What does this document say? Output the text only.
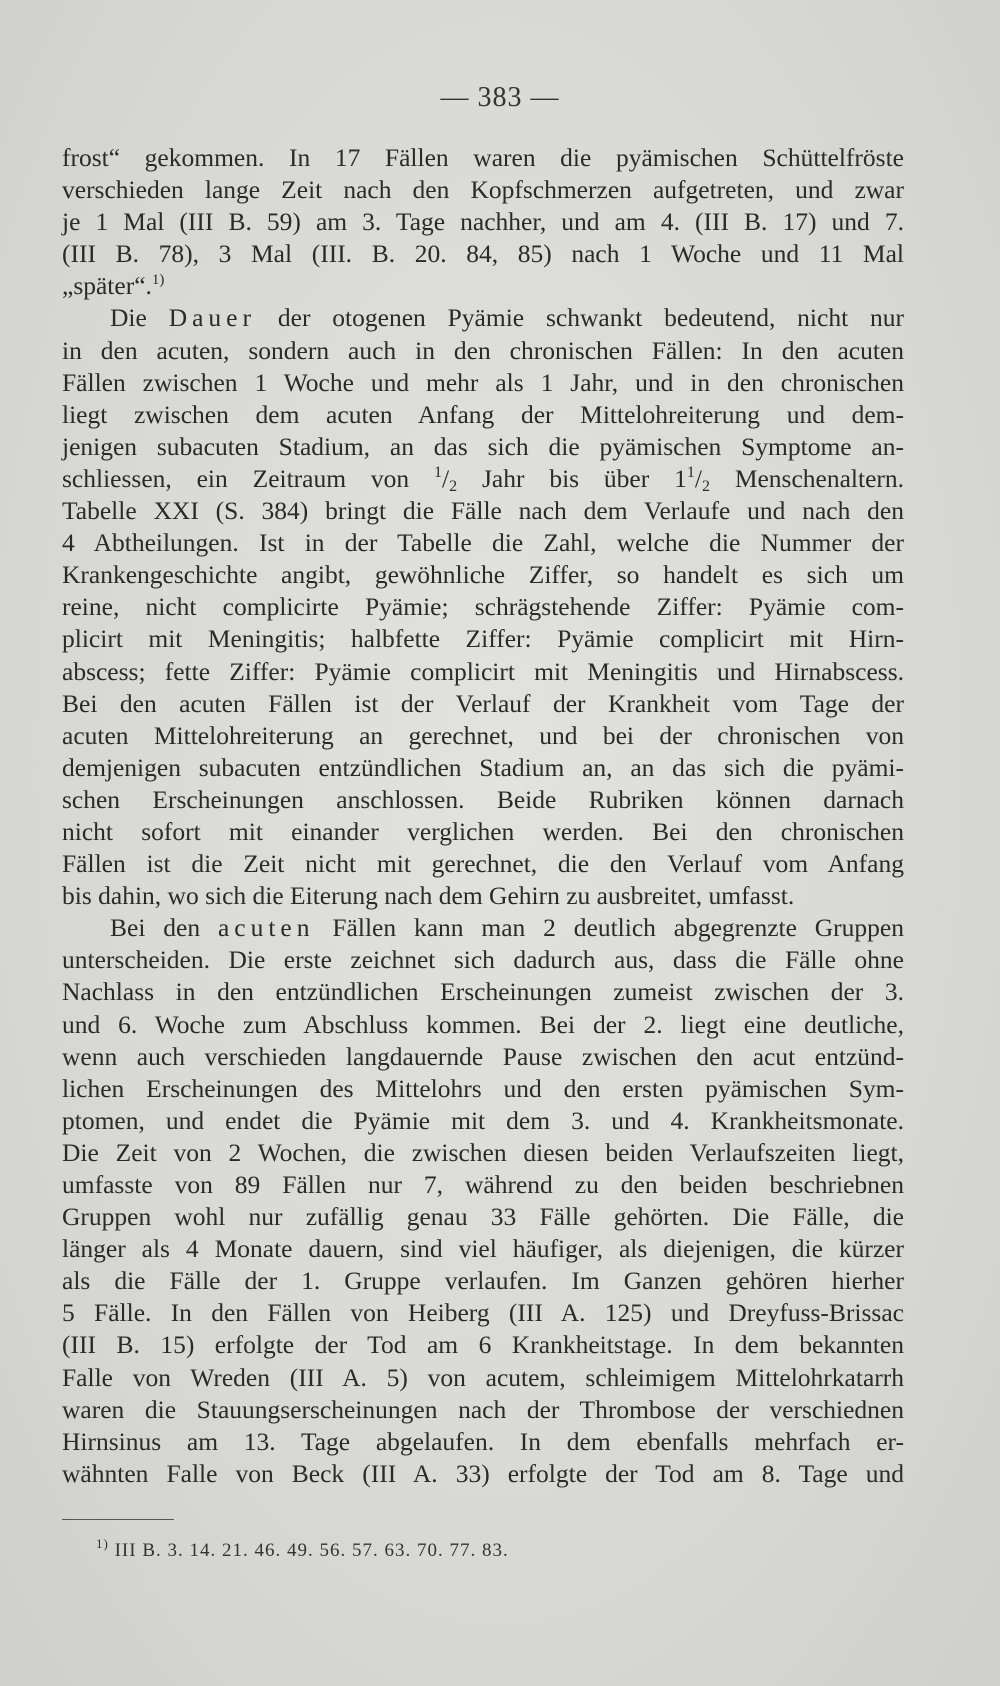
— 383 —

frost“ gekommen. In 17 Fällen waren die pyämischen Schüttelfröste

verschieden lange Zeit nach den Kopfschmerzen aufgetreten, und zwar

je 1 Mal (III B. 59) am 3. Tage nachher, und am 4. (III B. 17) und 7.

(III B. 78), 3 Mal (III. B. 20. 84, 85) nach 1 Woche und 11 Mal

„später“.$^{1)}$

Die Dauer der otogenen Pyämie schwankt bedeutend, nicht nur

in den acuten, sondern auch in den chronischen Fällen: In den acuten

Fällen zwischen 1 Woche und mehr als 1 Jahr, und in den chronischen

liegt zwischen dem acuten Anfang der Mittelohreiterung und dem-

jenigen subacuten Stadium, an das sich die pyämischen Symptome an-

schliessen, ein Zeitraum von $^1/_2$ Jahr bis über $1^1/_2$ Menschenaltern.

Tabelle XXI (S. 384) bringt die Fälle nach dem Verlaufe und nach den

4 Abtheilungen. Ist in der Tabelle die Zahl, welche die Nummer der

Krankengeschichte angibt, gewöhnliche Ziffer, so handelt es sich um

reine, nicht complicirte Pyämie; schrägstehende Ziffer: Pyämie com-

plicirt mit Meningitis; halbfette Ziffer: Pyämie complicirt mit Hirn-

abscess; fette Ziffer: Pyämie complicirt mit Meningitis und Hirnabscess.

Bei den acuten Fällen ist der Verlauf der Krankheit vom Tage der

acuten Mittelohreiterung an gerechnet, und bei der chronischen von

demjenigen subacuten entzündlichen Stadium an, an das sich die pyämi-

schen Erscheinungen anschlossen. Beide Rubriken können darnach

nicht sofort mit einander verglichen werden. Bei den chronischen

Fällen ist die Zeit nicht mit gerechnet, die den Verlauf vom Anfang

bis dahin, wo sich die Eiterung nach dem Gehirn zu ausbreitet, umfasst.

Bei den acuten Fällen kann man 2 deutlich abgegrenzte Gruppen

unterscheiden. Die erste zeichnet sich dadurch aus, dass die Fälle ohne

Nachlass in den entzündlichen Erscheinungen zumeist zwischen der 3.

und 6. Woche zum Abschluss kommen. Bei der 2. liegt eine deutliche,

wenn auch verschieden langdauernde Pause zwischen den acut entzünd-

lichen Erscheinungen des Mittelohrs und den ersten pyämischen Sym-

ptomen, und endet die Pyämie mit dem 3. und 4. Krankheitsmonate.

Die Zeit von 2 Wochen, die zwischen diesen beiden Verlaufszeiten liegt,

umfasste von 89 Fällen nur 7, während zu den beiden beschriebnen

Gruppen wohl nur zufällig genau 33 Fälle gehörten. Die Fälle, die

länger als 4 Monate dauern, sind viel häufiger, als diejenigen, die kürzer

als die Fälle der 1. Gruppe verlaufen. Im Ganzen gehören hierher

5 Fälle. In den Fällen von Heiberg (III A. 125) und Dreyfuss-Brissac

(III B. 15) erfolgte der Tod am 6 Krankheitstage. In dem bekannten

Falle von Wreden (III A. 5) von acutem, schleimigem Mittelohrkatarrh

waren die Stauungserscheinungen nach der Thrombose der verschiednen

Hirnsinus am 13. Tage abgelaufen. In dem ebenfalls mehrfach er-

wähnten Falle von Beck (III A. 33) erfolgte der Tod am 8. Tage und

$^{1)}$ III B. 3. 14. 21. 46. 49. 56. 57. 63. 70. 77. 83.
